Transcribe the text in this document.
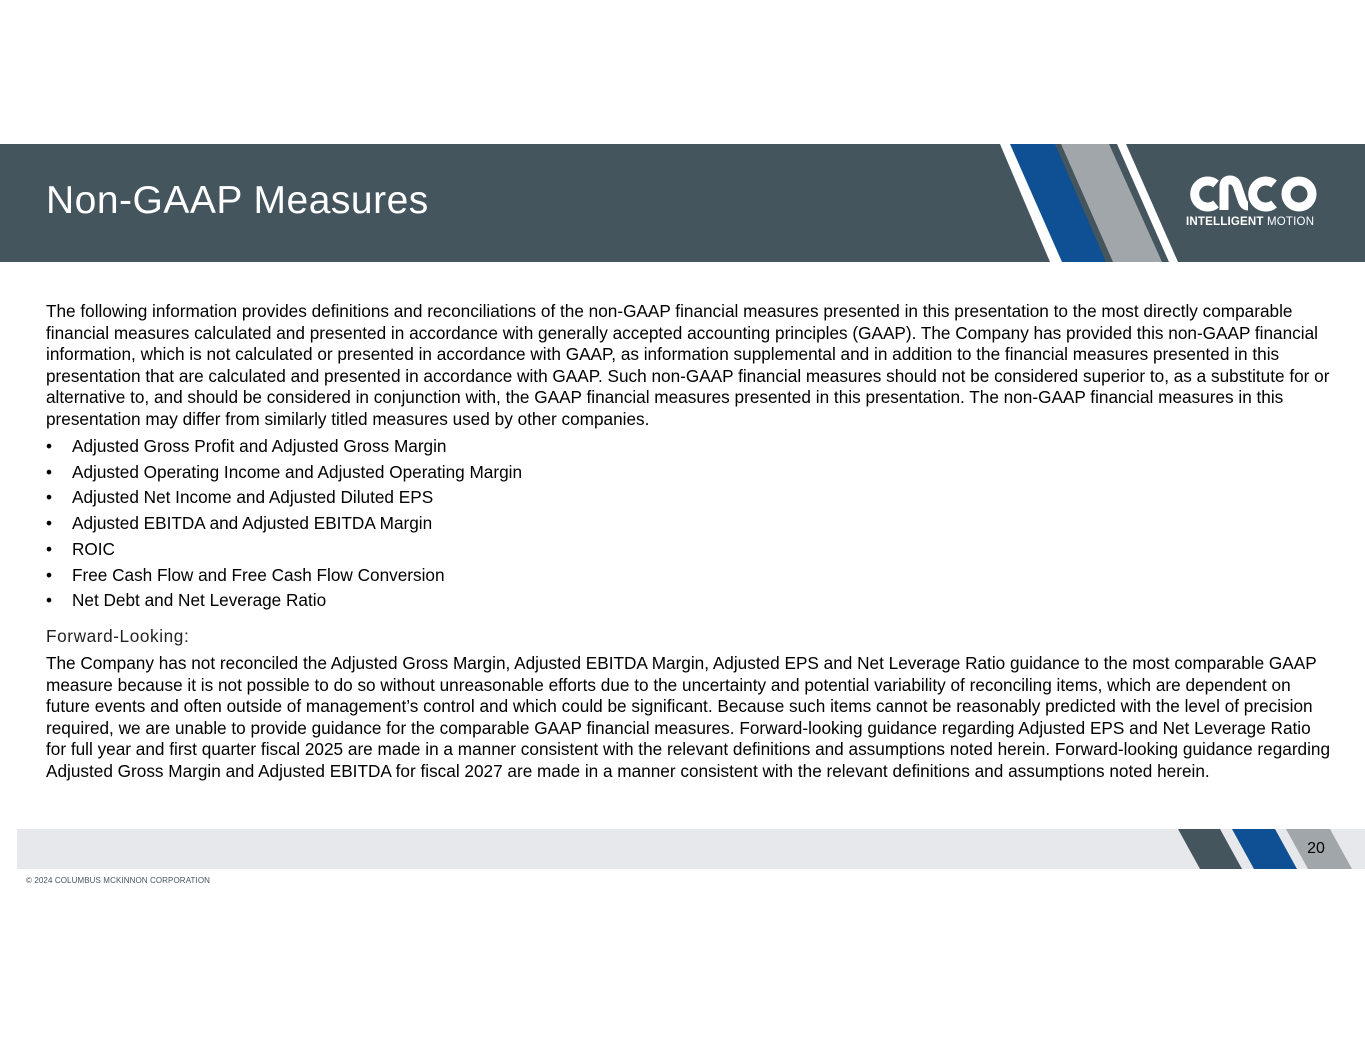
Non-GAAP Measures	INTELLIGENT MOTION

The following information provides definitions and reconciliations of the non-GAAP financial measures presented in this presentation to the most directly comparable financial measures calculated and presented in accordance with generally accepted accounting principles (GAAP). The Company has provided this non-GAAP financial information, which is not calculated or presented in accordance with GAAP, as information supplemental and in addition to the financial measures presented in this presentation that are calculated and presented in accordance with GAAP. Such non-GAAP financial measures should not be considered superior to, as a substitute for or alternative to, and should be considered in conjunction with, the GAAP financial measures presented in this presentation. The non-GAAP financial measures in this presentation may differ from similarly titled measures used by other companies.

• Adjusted Gross Profit and Adjusted Gross Margin
• Adjusted Operating Income and Adjusted Operating Margin
• Adjusted Net Income and Adjusted Diluted EPS
• Adjusted EBITDA and Adjusted EBITDA Margin
• ROIC
• Free Cash Flow and Free Cash Flow Conversion
• Net Debt and Net Leverage Ratio

Forward-Looking:

The Company has not reconciled the Adjusted Gross Margin, Adjusted EBITDA Margin, Adjusted EPS and Net Leverage Ratio guidance to the most comparable GAAP measure because it is not possible to do so without unreasonable efforts due to the uncertainty and potential variability of reconciling items, which are dependent on future events and often outside of management’s control and which could be significant. Because such items cannot be reasonably predicted with the level of precision required, we are unable to provide guidance for the comparable GAAP financial measures. Forward-looking guidance regarding Adjusted EPS and Net Leverage Ratio for full year and first quarter fiscal 2025 are made in a manner consistent with the relevant definitions and assumptions noted herein. Forward-looking guidance regarding Adjusted Gross Margin and Adjusted EBITDA for fiscal 2027 are made in a manner consistent with the relevant definitions and assumptions noted herein.

20
© 2024 COLUMBUS MCKINNON CORPORATION
